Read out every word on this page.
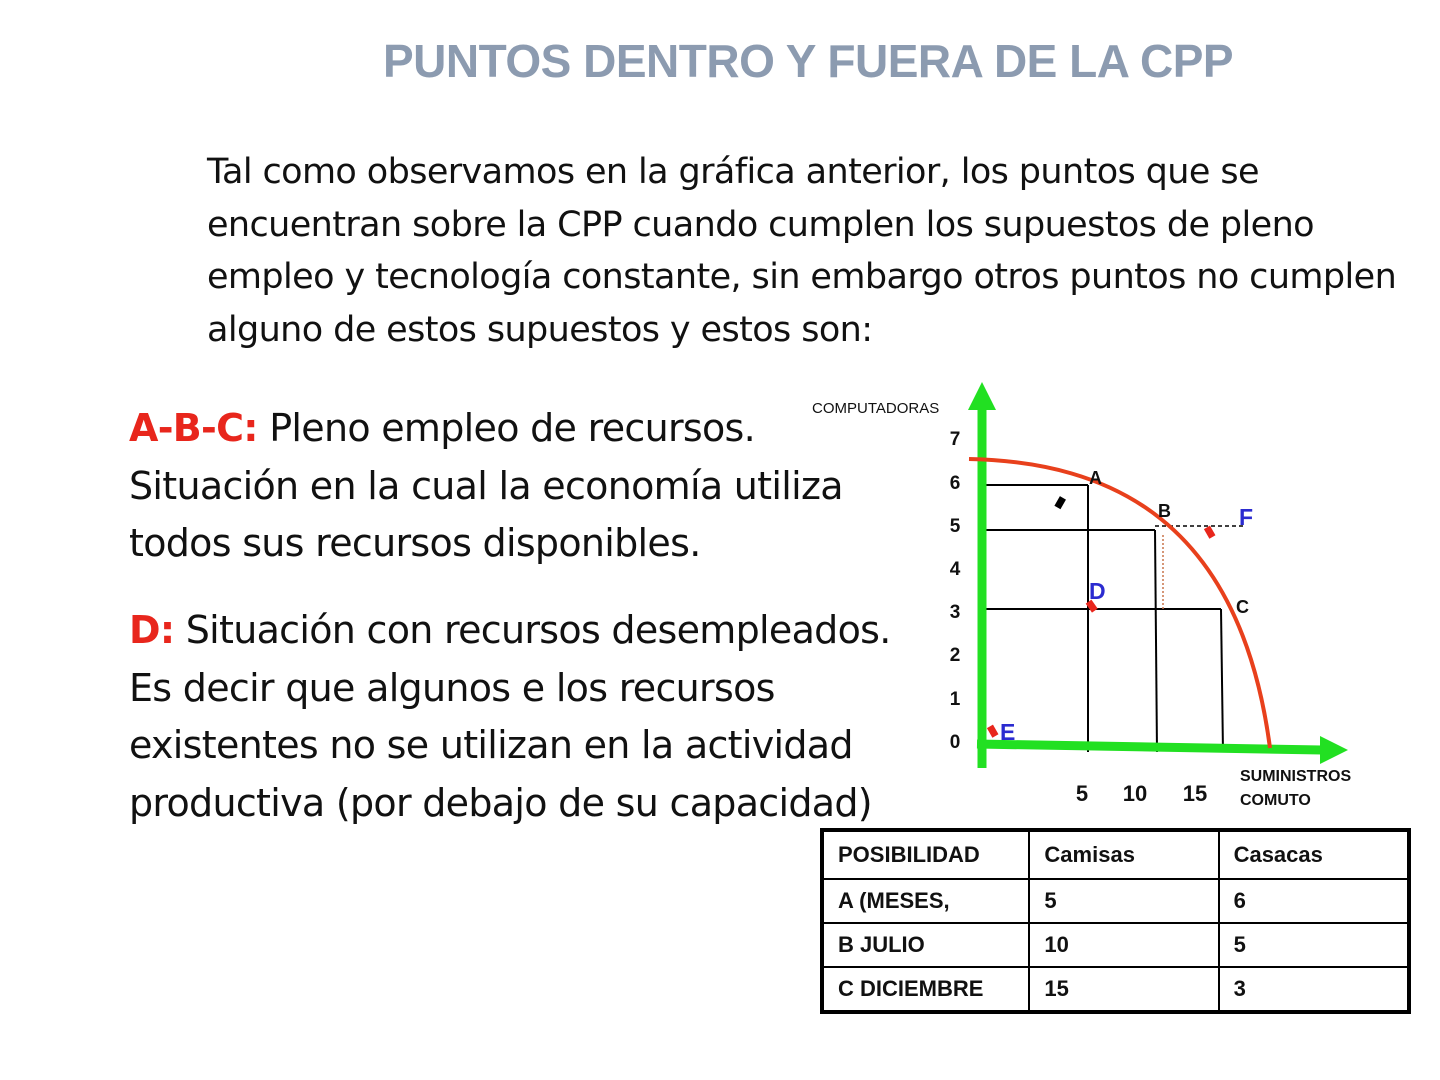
PUNTOS DENTRO Y FUERA DE LA CPP

Tal como observamos en la gráfica anterior, los puntos que se encuentran sobre la CPP cuando cumplen los supuestos de pleno empleo y tecnología constante, sin embargo otros puntos no cumplen alguno de estos supuestos y estos son:

A-B-C: Pleno empleo de recursos. Situación en la cual la economía utiliza todos sus recursos disponibles.

D: Situación con recursos desempleados. Es decir que algunos e los recursos existentes no se utilizan en la actividad productiva (por debajo de su capacidad)

COMPUTADORAS
SUMINISTROS
COMUTO
7
6
5
4
3
2
1
0
5 10 15
A
B
C
D
E
F
POSIBILIDAD	Camisas	Casacas
A (MESES,	5	6
B JULIO	10	5
C DICIEMBRE	15	3
